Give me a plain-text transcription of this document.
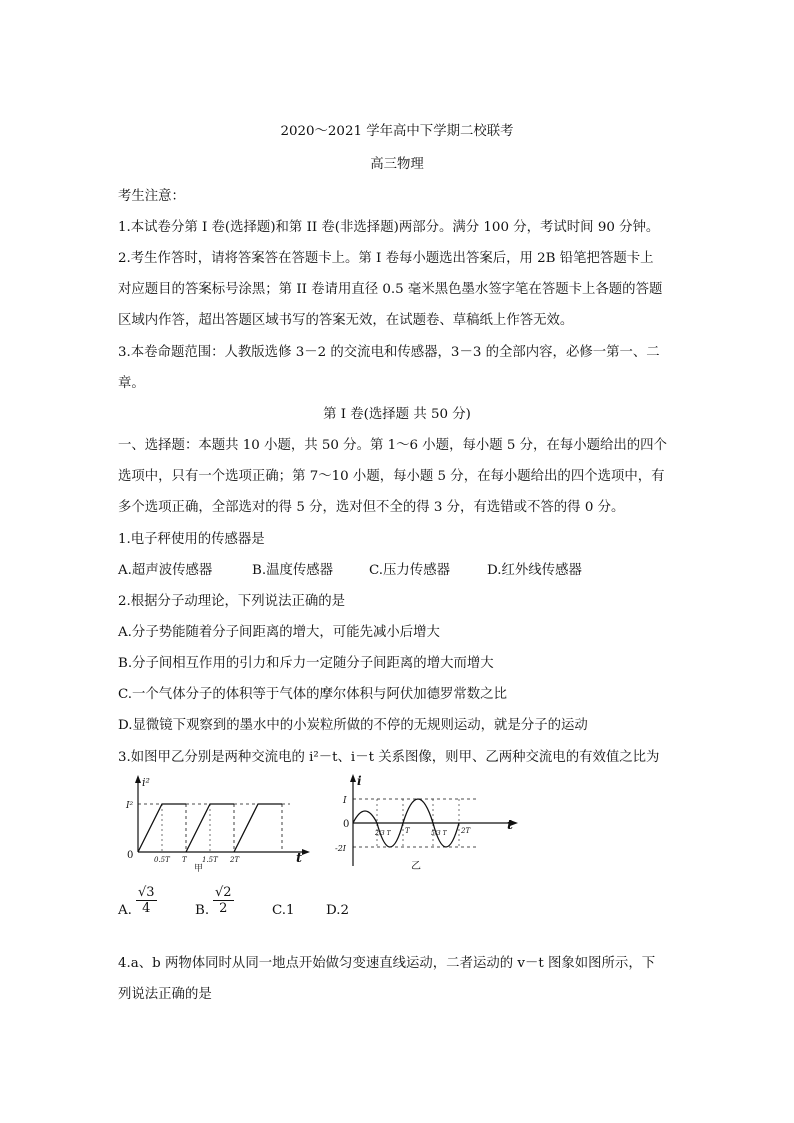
2020～2021 学年高中下学期二校联考
高三物理
考生注意：
1.本试卷分第 I 卷(选择题)和第 II 卷(非选择题)两部分。满分 100 分，考试时间 90 分钟。
2.考生作答时，请将答案答在答题卡上。第 I 卷每小题选出答案后，用 2B 铅笔把答题卡上
对应题目的答案标号涂黑；第 II 卷请用直径 0.5 毫米黑色墨水签字笔在答题卡上各题的答题
区域内作答，超出答题区域书写的答案无效，在试题卷、草稿纸上作答无效。
3.本卷命题范围：人教版选修 3－2 的交流电和传感器，3－3 的全部内容，必修一第一、二
章。
第 I 卷(选择题 共 50 分)
一、选择题：本题共 10 小题，共 50 分。第 1～6 小题，每小题 5 分，在每小题给出的四个
选项中，只有一个选项正确；第 7～10 小题，每小题 5 分，在每小题给出的四个选项中，有
多个选项正确，全部选对的得 5 分，选对但不全的得 3 分，有选错或不答的得 0 分。
1.电子秤使用的传感器是
A.超声波传感器	B.温度传感器	C.压力传感器	D.红外线传感器
2.根据分子动理论，下列说法正确的是
A.分子势能随着分子间距离的增大，可能先减小后增大
B.分子间相互作用的引力和斥力一定随分子间距离的增大而增大
C.一个气体分子的体积等于气体的摩尔体积与阿伏加德罗常数之比
D.显微镜下观察到的墨水中的小炭粒所做的不停的无规则运动，就是分子的运动
3.如图甲乙分别是两种交流电的 i²－t、i－t 关系图像，则甲、乙两种交流电的有效值之比为
i²
I²
0	t
0.5T T 1.5T 2T
甲
i
I
0
-2I
t
2/3 T T	5/3 T 2T
乙
A. $\frac{√3}{4}$	B. $\frac{√2}{2}$	C.1 D.2
4.a、b 两物体同时从同一地点开始做匀变速直线运动，二者运动的 v－t 图象如图所示，下
列说法正确的是
